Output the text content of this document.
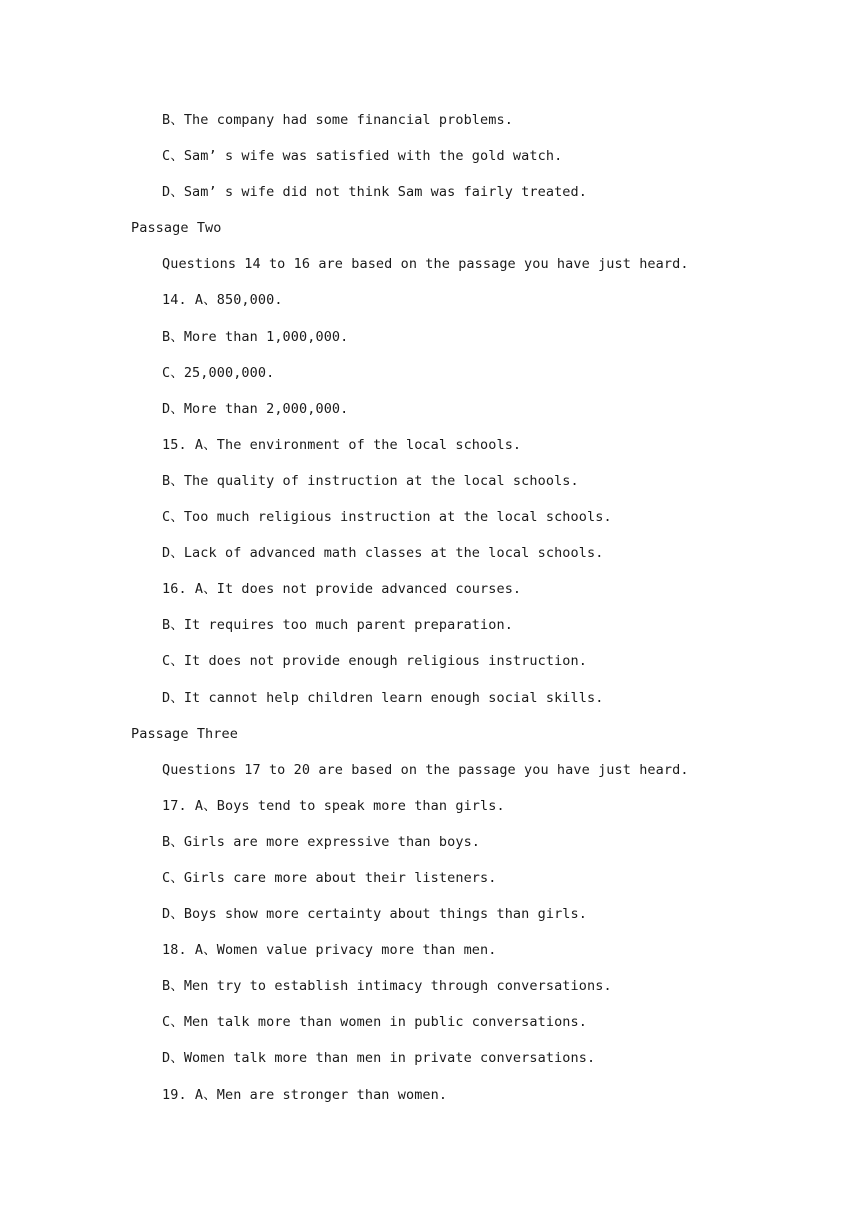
B、The company had some financial problems.
C、Sam’ s wife was satisfied with the gold watch.
D、Sam’ s wife did not think Sam was fairly treated.
Passage Two
Questions 14 to 16 are based on the passage you have just heard.
14. A、850,000.
B、More than 1,000,000.
C、25,000,000.
D、More than 2,000,000.
15. A、The environment of the local schools.
B、The quality of instruction at the local schools.
C、Too much religious instruction at the local schools.
D、Lack of advanced math classes at the local schools.
16. A、It does not provide advanced courses.
B、It requires too much parent preparation.
C、It does not provide enough religious instruction.
D、It cannot help children learn enough social skills.
Passage Three
Questions 17 to 20 are based on the passage you have just heard.
17. A、Boys tend to speak more than girls.
B、Girls are more expressive than boys.
C、Girls care more about their listeners.
D、Boys show more certainty about things than girls.
18. A、Women value privacy more than men.
B、Men try to establish intimacy through conversations.
C、Men talk more than women in public conversations.
D、Women talk more than men in private conversations.
19. A、Men are stronger than women.
